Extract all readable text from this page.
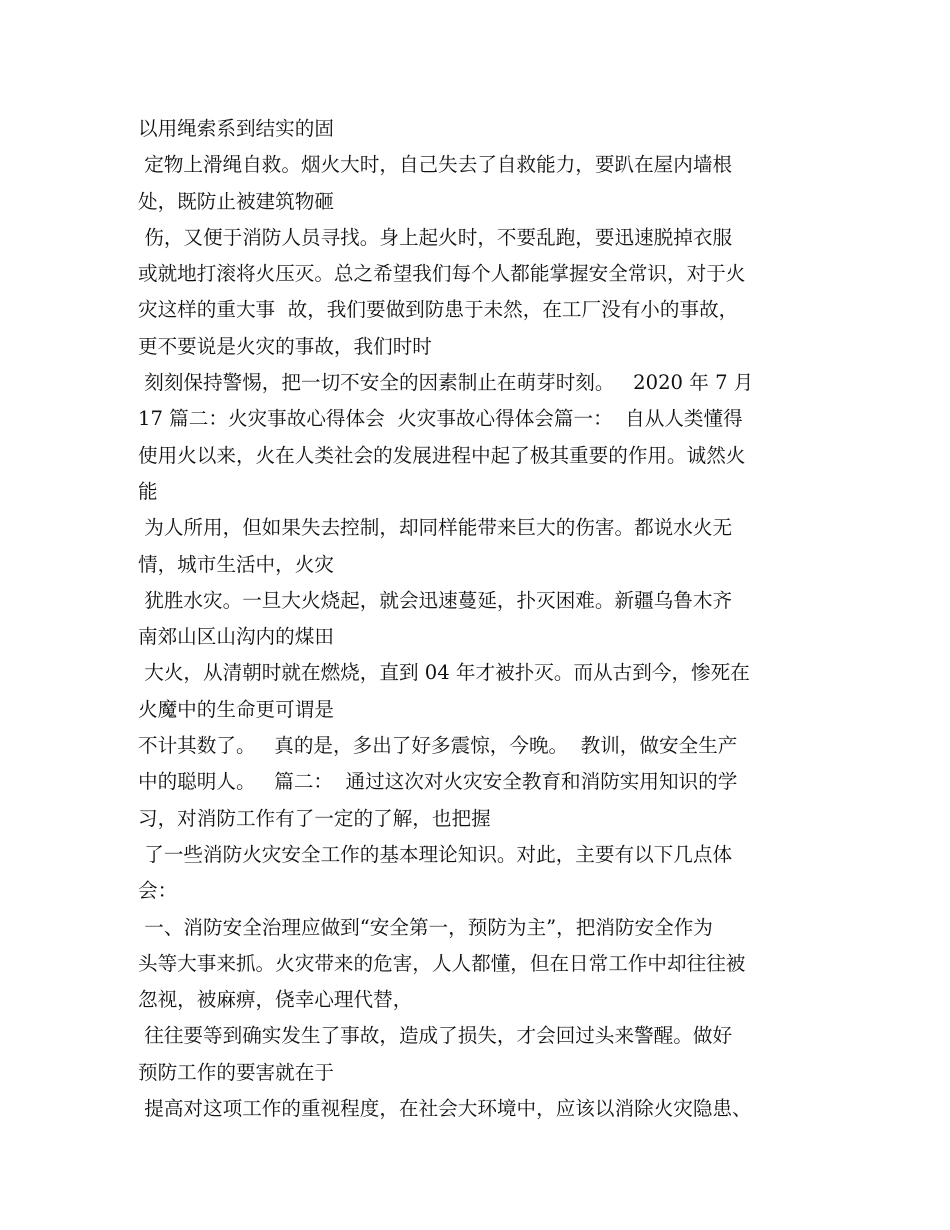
以用绳索系到结实的固
定物上滑绳自救。烟火大时，自己失去了自救能力，要趴在屋内墙根
处，既防止被建筑物砸
伤，又便于消防人员寻找。身上起火时，不要乱跑，要迅速脱掉衣服
或就地打滚将火压灭。总之希望我们每个人都能掌握安全常识，对于火
灾这样的重大事  故，我们要做到防患于未然，在工厂没有小的事故，
更不要说是火灾的事故，我们时时
刻刻保持警惕，把一切不安全的因素制止在萌芽时刻。   2020 年 7 月
17 篇二：火灾事故心得体会  火灾事故心得体会篇一：  自从人类懂得
使用火以来，火在人类社会的发展进程中起了极其重要的作用。诚然火
能
为人所用，但如果失去控制，却同样能带来巨大的伤害。都说水火无
情，城市生活中，火灾
犹胜水灾。一旦大火烧起，就会迅速蔓延，扑灭困难。新疆乌鲁木齐
南郊山区山沟内的煤田
大火，从清朝时就在燃烧，直到 04 年才被扑灭。而从古到今，惨死在
火魔中的生命更可谓是
不计其数了。   真的是，多出了好多震惊，今晚。  教训，做安全生产
中的聪明人。   篇二：  通过这次对火灾安全教育和消防实用知识的学
习，对消防工作有了一定的了解，也把握
了一些消防火灾安全工作的基本理论知识。对此，主要有以下几点体
会：
一、消防安全治理应做到“安全第一，预防为主”，把消防安全作为
头等大事来抓。火灾带来的危害，人人都懂，但在日常工作中却往往被
忽视，被麻痹，侥幸心理代替，
往往要等到确实发生了事故，造成了损失，才会回过头来警醒。做好
预防工作的要害就在于
提高对这项工作的重视程度，在社会大环境中，应该以消除火灾隐患、
